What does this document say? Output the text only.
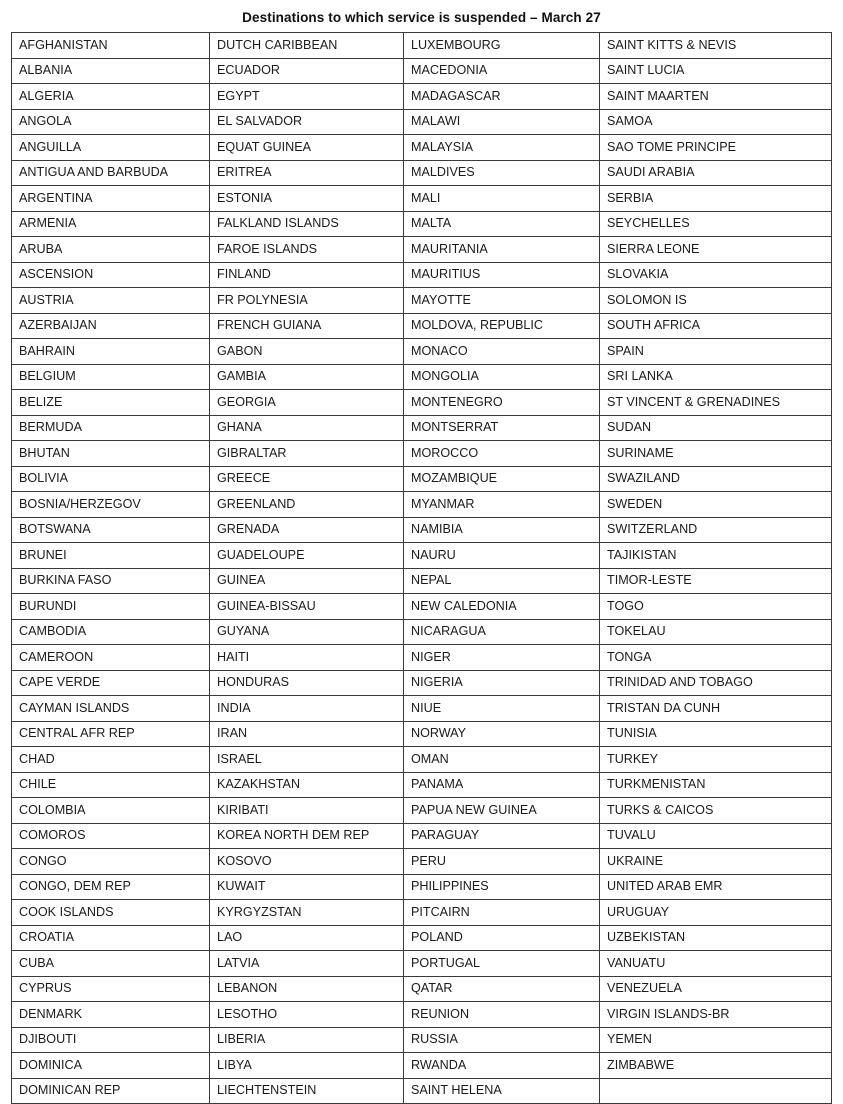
Destinations to which service is suspended – March 27
AFGHANISTAN	DUTCH CARIBBEAN	LUXEMBOURG	SAINT KITTS & NEVIS
ALBANIA	ECUADOR	MACEDONIA	SAINT LUCIA
ALGERIA	EGYPT	MADAGASCAR	SAINT MAARTEN
ANGOLA	EL SALVADOR	MALAWI	SAMOA
ANGUILLA	EQUAT GUINEA	MALAYSIA	SAO TOME PRINCIPE
ANTIGUA AND BARBUDA	ERITREA	MALDIVES	SAUDI ARABIA
ARGENTINA	ESTONIA	MALI	SERBIA
ARMENIA	FALKLAND ISLANDS	MALTA	SEYCHELLES
ARUBA	FAROE ISLANDS	MAURITANIA	SIERRA LEONE
ASCENSION	FINLAND	MAURITIUS	SLOVAKIA
AUSTRIA	FR POLYNESIA	MAYOTTE	SOLOMON IS
AZERBAIJAN	FRENCH GUIANA	MOLDOVA, REPUBLIC	SOUTH AFRICA
BAHRAIN	GABON	MONACO	SPAIN
BELGIUM	GAMBIA	MONGOLIA	SRI LANKA
BELIZE	GEORGIA	MONTENEGRO	ST VINCENT & GRENADINES
BERMUDA	GHANA	MONTSERRAT	SUDAN
BHUTAN	GIBRALTAR	MOROCCO	SURINAME
BOLIVIA	GREECE	MOZAMBIQUE	SWAZILAND
BOSNIA/HERZEGOV	GREENLAND	MYANMAR	SWEDEN
BOTSWANA	GRENADA	NAMIBIA	SWITZERLAND
BRUNEI	GUADELOUPE	NAURU	TAJIKISTAN
BURKINA FASO	GUINEA	NEPAL	TIMOR-LESTE
BURUNDI	GUINEA-BISSAU	NEW CALEDONIA	TOGO
CAMBODIA	GUYANA	NICARAGUA	TOKELAU
CAMEROON	HAITI	NIGER	TONGA
CAPE VERDE	HONDURAS	NIGERIA	TRINIDAD AND TOBAGO
CAYMAN ISLANDS	INDIA	NIUE	TRISTAN DA CUNH
CENTRAL AFR REP	IRAN	NORWAY	TUNISIA
CHAD	ISRAEL	OMAN	TURKEY
CHILE	KAZAKHSTAN	PANAMA	TURKMENISTAN
COLOMBIA	KIRIBATI	PAPUA NEW GUINEA	TURKS & CAICOS
COMOROS	KOREA NORTH DEM REP	PARAGUAY	TUVALU
CONGO	KOSOVO	PERU	UKRAINE
CONGO, DEM REP	KUWAIT	PHILIPPINES	UNITED ARAB EMR
COOK ISLANDS	KYRGYZSTAN	PITCAIRN	URUGUAY
CROATIA	LAO	POLAND	UZBEKISTAN
CUBA	LATVIA	PORTUGAL	VANUATU
CYPRUS	LEBANON	QATAR	VENEZUELA
DENMARK	LESOTHO	REUNION	VIRGIN ISLANDS-BR
DJIBOUTI	LIBERIA	RUSSIA	YEMEN
DOMINICA	LIBYA	RWANDA	ZIMBABWE
DOMINICAN REP	LIECHTENSTEIN	SAINT HELENA	
